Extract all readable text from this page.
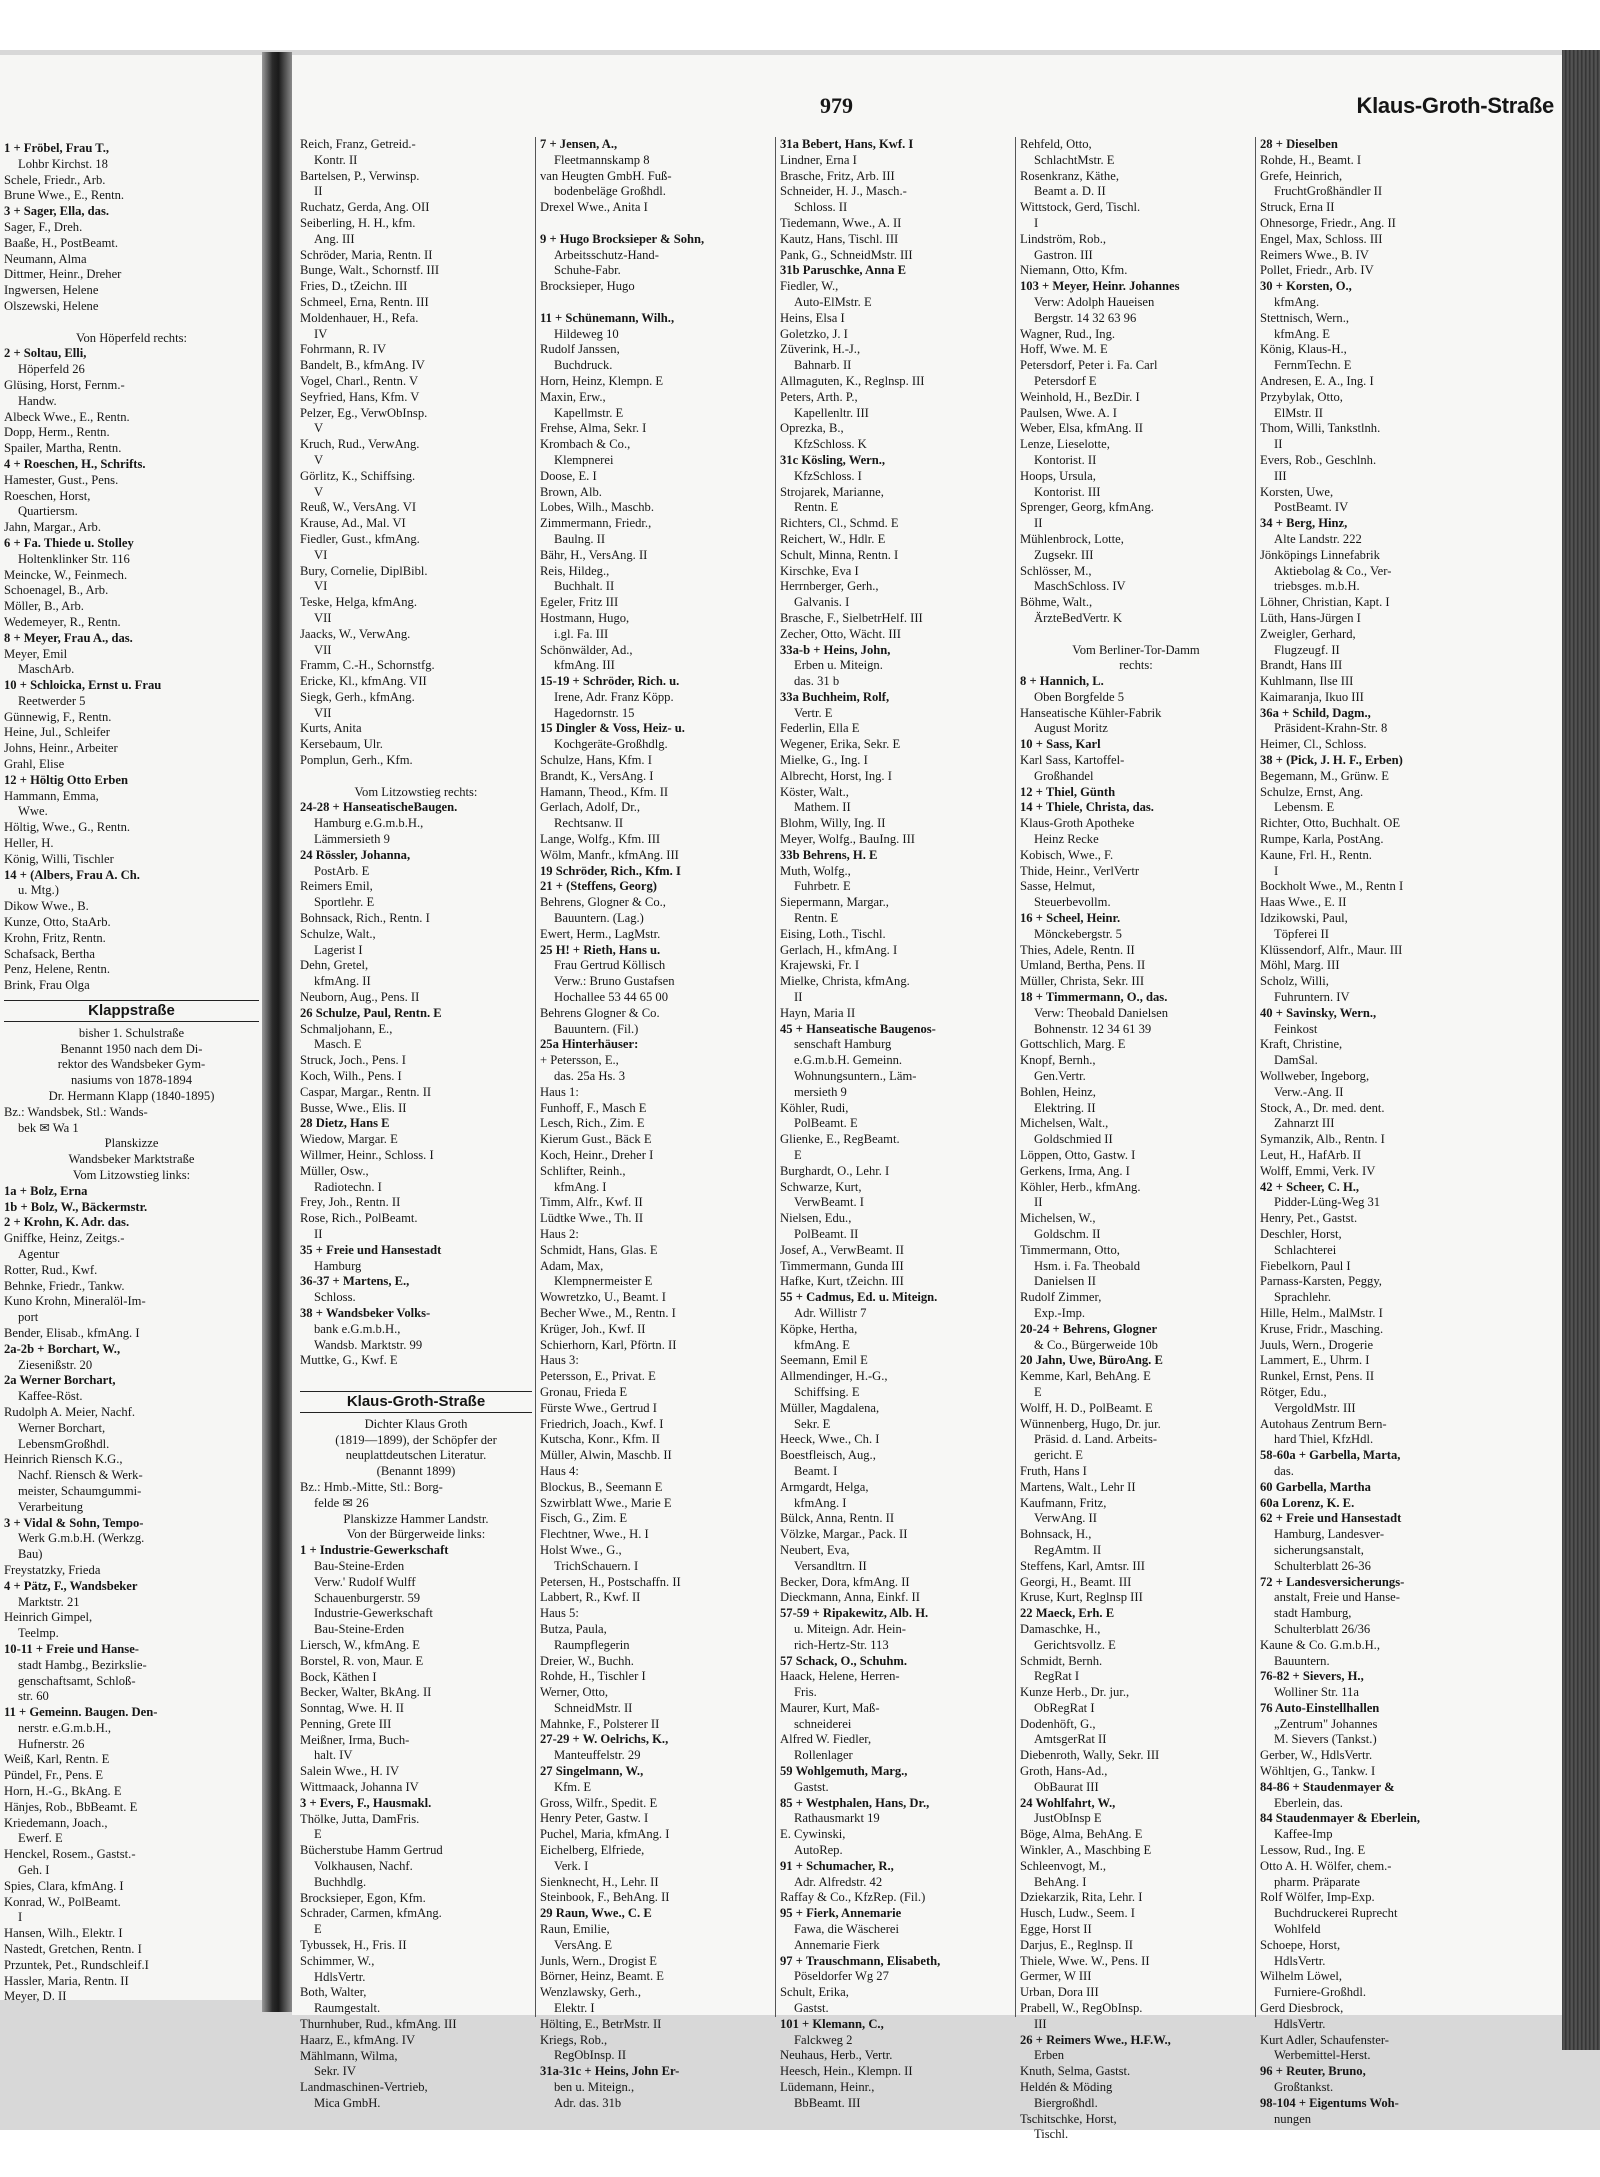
1 + Fröbel, Frau T.,
Lohbr Kirchst. 18
Schele, Friedr., Arb.
Brune Wwe., E., Rentn.
3 + Sager, Ella, das.
Sager, F., Dreh.
Baaße, H., PostBeamt.
Neumann, Alma
Dittmer, Heinr., Dreher
Ingwersen, Helene
Olszewski, Helene

Von Höperfeld rechts:
2 + Soltau, Elli,
Höperfeld 26
Glüsing, Horst, Fernm.-
Handw.
Albeck Wwe., E., Rentn.
Dopp, Herm., Rentn.
Spailer, Martha, Rentn.
4 + Roeschen, H., Schrifts.
Hamester, Gust., Pens.
Roeschen, Horst,
Quartiersm.
Jahn, Margar., Arb.
6 + Fa. Thiede u. Stolley
Holtenklinker Str. 116
Meincke, W., Feinmech.
Schoenagel, B., Arb.
Möller, B., Arb.
Wedemeyer, R., Rentn.
8 + Meyer, Frau A., das.
Meyer, Emil
MaschArb.
10 + Schloicka, Ernst u. Frau
Reetwerder 5
Günnewig, F., Rentn.
Heine, Jul., Schleifer
Johns, Heinr., Arbeiter
Grahl, Elise
12 + Höltig Otto Erben
Hammann, Emma,
Wwe.
Höltig, Wwe., G., Rentn.
Heller, H.
König, Willi, Tischler
14 + (Albers, Frau A. Ch.
u. Mtg.)
Dikow Wwe., B.
Kunze, Otto, StaArb.
Krohn, Fritz, Rentn.
Schafsack, Bertha
Penz, Helene, Rentn.
Brink, Frau Olga
Klappstraße
bisher 1. Schulstraße
Benannt 1950 nach dem Di-
rektor des Wandsbeker Gym-
nasiums von 1878-1894
Dr. Hermann Klapp (1840-1895)
Bz.: Wandsbek, Stl.: Wands-
bek ✉ Wa 1
Planskizze
Wandsbeker Marktstraße
Vom Litzowstieg links:
1a + Bolz, Erna
1b + Bolz, W., Bäckermstr.
2 + Krohn, K. Adr. das.
Gniffke, Heinz, Zeitgs.-
Agentur
Rotter, Rud., Kwf.
Behnke, Friedr., Tankw.
Kuno Krohn, Mineralöl-Im-
port
Bender, Elisab., kfmAng. I
2a-2b + Borchart, W.,
Ziesenißstr. 20
2a Werner Borchart,
Kaffee-Röst.
Rudolph A. Meier, Nachf.
Werner Borchart,
LebensmGroßhdl.
Heinrich Riensch K.G.,
Nachf. Riensch & Werk-
meister, Schaumgummi-
Verarbeitung
3 + Vidal & Sohn, Tempo-
Werk G.m.b.H. (Werkzg.
Bau)
Freystatzky, Frieda
4 + Pätz, F., Wandsbeker
Marktstr. 21
Heinrich Gimpel,
Teelmp.
10-11 + Freie und Hanse-
stadt Hambg., Bezirkslie-
genschaftsamt, Schloß-
str. 60
11 + Gemeinn. Baugen. Den-
nerstr. e.G.m.b.H.,
Hufnerstr. 26
Weiß, Karl, Rentn. E
Pündel, Fr., Pens. E
Horn, H.-G., BkAng. E
Hänjes, Rob., BbBeamt. E
Kriedemann, Joach.,
Ewerf. E
Henckel, Rosem., Gastst.-
Geh. I
Spies, Clara, kfmAng. I
Konrad, W., PolBeamt.
I
Hansen, Wilh., Elektr. I
Nastedt, Gretchen, Rentn. I
Przuntek, Pet., Rundschleif.I
Hassler, Maria, Rentn. II
Meyer, D. II
979	Klaus-Groth-Straße
Reich, Franz, Getreid.-
Kontr. II
Bartelsen, P., Verwinsp.
II
Ruchatz, Gerda, Ang. OII
Seiberling, H. H., kfm.
Ang. III
Schröder, Maria, Rentn. II
Bunge, Walt., Schornstf. III
Fries, D., tZeichn. III
Schmeel, Erna, Rentn. III
Moldenhauer, H., Refa.
IV
Fohrmann, R. IV
Bandelt, B., kfmAng. IV
Vogel, Charl., Rentn. V
Seyfried, Hans, Kfm. V
Pelzer, Eg., VerwObInsp.
V
Kruch, Rud., VerwAng.
V
Görlitz, K., Schiffsing.
V
Reuß, W., VersAng. VI
Krause, Ad., Mal. VI
Fiedler, Gust., kfmAng.
VI
Bury, Cornelie, DiplBibl.
VI
Teske, Helga, kfmAng.
VII
Jaacks, W., VerwAng.
VII
Framm, C.-H., Schornstfg.
Ericke, Kl., kfmAng. VII
Siegk, Gerh., kfmAng.
VII
Kurts, Anita
Kersebaum, Ulr.
Pomplun, Gerh., Kfm.

Vom Litzowstieg rechts:
24-28 + HanseatischeBaugen.
Hamburg e.G.m.b.H.,
Lämmersieth 9
24 Rössler, Johanna,
PostArb. E
Reimers Emil,
Sportlehr. E
Bohnsack, Rich., Rentn. I
Schulze, Walt.,
Lagerist I
Dehn, Gretel,
kfmAng. II
Neuborn, Aug., Pens. II
26 Schulze, Paul, Rentn. E
Schmaljohann, E.,
Masch. E
Struck, Joch., Pens. I
Koch, Wilh., Pens. I
Caspar, Margar., Rentn. II
Busse, Wwe., Elis. II
28 Dietz, Hans E
Wiedow, Margar. E
Willmer, Heinr., Schloss. I
Müller, Osw.,
Radiotechn. I
Frey, Joh., Rentn. II
Rose, Rich., PolBeamt.
II
35 + Freie und Hansestadt
Hamburg
36-37 + Martens, E.,
Schloss.
38 + Wandsbeker Volks-
bank e.G.m.b.H.,
Wandsb. Marktstr. 99
Muttke, G., Kwf. E

Klaus-Groth-Straße
Dichter Klaus Groth
(1819—1899), der Schöpfer der
neuplattdeutschen Literatur.
(Benannt 1899)
Bz.: Hmb.-Mitte, Stl.: Borg-
felde ✉ 26
Planskizze Hammer Landstr.
Von der Bürgerweide links:
1 + Industrie-Gewerkschaft
Bau-Steine-Erden
Verw.' Rudolf Wulff
Schauenburgerstr. 59
Industrie-Gewerkschaft
Bau-Steine-Erden
Liersch, W., kfmAng. E
Borstel, R. von, Maur. E
Bock, Käthen I
Becker, Walter, BkAng. II
Sonntag, Wwe. H. II
Penning, Grete III
Meißner, Irma, Buch-
halt. IV
Salein Wwe., H. IV
Wittmaack, Johanna IV
3 + Evers, F., Hausmakl.
Thölke, Jutta, DamFris.
E
Bücherstube Hamm Gertrud
Volkhausen, Nachf.
Buchhdlg.
Brocksieper, Egon, Kfm.
Schrader, Carmen, kfmAng.
E
Tybussek, H., Fris. II
Schimmer, W.,
HdlsVertr.
Both, Walter,
Raumgestalt.
Thurnhuber, Rud., kfmAng. III
Haarz, E., kfmAng. IV
Mählmann, Wilma,
Sekr. IV
Landmaschinen-Vertrieb,
Mica GmbH.
7 + Jensen, A.,
Fleetmannskamp 8
van Heugten GmbH. Fuß-
bodenbeläge Großhdl.
Drexel Wwe., Anita I

9 + Hugo Brocksieper & Sohn,
Arbeitsschutz-Hand-
Schuhe-Fabr.
Brocksieper, Hugo

11 + Schünemann, Wilh.,
Hildeweg 10
Rudolf Janssen,
Buchdruck.
Horn, Heinz, Klempn. E
Maxin, Erw.,
Kapellmstr. E
Frehse, Alma, Sekr. I
Krombach & Co.,
Klempnerei
Doose, E. I
Brown, Alb.
Lobes, Wilh., Maschb.
Zimmermann, Friedr.,
Baulng. II
Bähr, H., VersAng. II
Reis, Hildeg.,
Buchhalt. II
Egeler, Fritz III
Hostmann, Hugo,
i.gl. Fa. III
Schönwälder, Ad.,
kfmAng. III
15-19 + Schröder, Rich. u.
Irene, Adr. Franz Köpp.
Hagedornstr. 15
15 Dingler & Voss, Heiz- u.
Kochgeräte-Großhdlg.
Schulze, Hans, Kfm. I
Brandt, K., VersAng. I
Hamann, Theod., Kfm. II
Gerlach, Adolf, Dr.,
Rechtsanw. II
Lange, Wolfg., Kfm. III
Wölm, Manfr., kfmAng. III
19 Schröder, Rich., Kfm. I
21 + (Steffens, Georg)
Behrens, Glogner & Co.,
Bauuntern. (Lag.)
Ewert, Herm., LagMstr.
25 H! + Rieth, Hans u.
Frau Gertrud Köllisch
Verw.: Bruno Gustafsen
Hochallee 53 44 65 00
Behrens Glogner & Co.
Bauuntern. (Fil.)
25a Hinterhäuser:
+ Petersson, E.,
das. 25a Hs. 3
Haus 1:
Funhoff, F., Masch E
Lesch, Rich., Zim. E
Kierum Gust., Bäck E
Koch, Heinr., Dreher I
Schlifter, Reinh.,
kfmAng. I
Timm, Alfr., Kwf. II
Lüdtke Wwe., Th. II
Haus 2:
Schmidt, Hans, Glas. E
Adam, Max,
Klempnermeister E
Wowretzko, U., Beamt. I
Becher Wwe., M., Rentn. I
Krüger, Joh., Kwf. II
Schierhorn, Karl, Pförtn. II
Haus 3:
Petersson, E., Privat. E
Gronau, Frieda E
Fürste Wwe., Gertrud I
Friedrich, Joach., Kwf. I
Kutscha, Konr., Kfm. II
Müller, Alwin, Maschb. II
Haus 4:
Blockus, B., Seemann E
Szwirblatt Wwe., Marie E
Fisch, G., Zim. E
Flechtner, Wwe., H. I
Holst Wwe., G.,
TrichSchauern. I
Petersen, H., Postschaffn. II
Labbert, R., Kwf. II
Haus 5:
Butza, Paula,
Raumpflegerin
Dreier, W., Buchh.
Rohde, H., Tischler I
Werner, Otto,
SchneidMstr. II
Mahnke, F., Polsterer II
27-29 + W. Oelrichs, K.,
Manteuffelstr. 29
27 Singelmann, W.,
Kfm. E
Gross, Wilfr., Spedit. E
Henry Peter, Gastw. I
Puchel, Maria, kfmAng. I
Eichelberg, Elfriede,
Verk. I
Sienknecht, H., Lehr. II
Steinbook, F., BehAng. II
29 Raun, Wwe., C. E
Raun, Emilie,
VersAng. E
Junls, Wern., Drogist E
Börner, Heinz, Beamt. E
Wenzlawsky, Gerh.,
Elektr. I
Hölting, E., BetrMstr. II
Kriegs, Rob.,
RegObInsp. II
31a-31c + Heins, John Er-
ben u. Miteign.,
Adr. das. 31b
31a Bebert, Hans, Kwf. I
Lindner, Erna I
Brasche, Fritz, Arb. III
Schneider, H. J., Masch.-
Schloss. II
Tiedemann, Wwe., A. II
Kautz, Hans, Tischl. III
Pank, G., SchneidMstr. III
31b Paruschke, Anna E
Fiedler, W.,
Auto-ElMstr. E
Heins, Elsa I
Goletzko, J. I
Züverink, H.-J.,
Bahnarb. II
Allmaguten, K., Reglnsp. III
Peters, Arth. P.,
Kapellenltr. III
Oprezka, B.,
KfzSchloss. K
31c Kösling, Wern.,
KfzSchloss. I
Strojarek, Marianne,
Rentn. E
Richters, Cl., Schmd. E
Reichert, W., Hdlr. E
Schult, Minna, Rentn. I
Kirschke, Eva I
Herrnberger, Gerh.,
Galvanis. I
Brasche, F., SielbetrHelf. III
Zecher, Otto, Wächt. III
33a-b + Heins, John,
Erben u. Miteign.
das. 31 b
33a Buchheim, Rolf,
Vertr. E
Federlin, Ella E
Wegener, Erika, Sekr. E
Mielke, G., Ing. I
Albrecht, Horst, Ing. I
Köster, Walt.,
Mathem. II
Blohm, Willy, Ing. II
Meyer, Wolfg., BauIng. III
33b Behrens, H. E
Muth, Wolfg.,
Fuhrbetr. E
Siepermann, Margar.,
Rentn. E
Eising, Loth., Tischl.
Gerlach, H., kfmAng. I
Krajewski, Fr. I
Mielke, Christa, kfmAng.
II
Hayn, Maria II
45 + Hanseatische Baugenos-
senschaft Hamburg
e.G.m.b.H. Gemeinn.
Wohnungsuntern., Läm-
mersieth 9
Köhler, Rudi,
PolBeamt. E
Glienke, E., RegBeamt.
E
Burghardt, O., Lehr. I
Schwarze, Kurt,
VerwBeamt. I
Nielsen, Edu.,
PolBeamt. II
Josef, A., VerwBeamt. II
Timmermann, Gunda III
Hafke, Kurt, tZeichn. III
55 + Cadmus, Ed. u. Miteign.
Adr. Willistr 7
Köpke, Hertha,
kfmAng. E
Seemann, Emil E
Allmendinger, H.-G.,
Schiffsing. E
Müller, Magdalena,
Sekr. E
Heeck, Wwe., Ch. I
Boestfleisch, Aug.,
Beamt. I
Armgardt, Helga,
kfmAng. I
Bülck, Anna, Rentn. II
Völzke, Margar., Pack. II
Neubert, Eva,
Versandltrn. II
Becker, Dora, kfmAng. II
Dieckmann, Anna, Einkf. II
57-59 + Ripakewitz, Alb. H.
u. Miteign. Adr. Hein-
rich-Hertz-Str. 113
57 Schack, O., Schuhm.
Haack, Helene, Herren-
Fris.
Maurer, Kurt, Maß-
schneiderei
Alfred W. Fiedler,
Rollenlager
59 Wohlgemuth, Marg.,
Gastst.
85 + Westphalen, Hans, Dr.,
Rathausmarkt 19
E. Cywinski,
AutoRep.
91 + Schumacher, R.,
Adr. Alfredstr. 42
Raffay & Co., KfzRep. (Fil.)
95 + Fierk, Annemarie
Fawa, die Wäscherei
Annemarie Fierk
97 + Trauschmann, Elisabeth,
Pöseldorfer Wg 27
Schult, Erika,
Gastst.
101 + Klemann, C.,
Falckweg 2
Neuhaus, Herb., Vertr.
Heesch, Hein., Klempn. II
Lüdemann, Heinr.,
BbBeamt. III
Rehfeld, Otto,
SchlachtMstr. E
Rosenkranz, Käthe,
Beamt a. D. II
Wittstock, Gerd, Tischl.
I
Lindström, Rob.,
Gastron. III
Niemann, Otto, Kfm.
103 + Meyer, Heinr. Johannes
Verw: Adolph Haueisen
Bergstr. 14 32 63 96
Wagner, Rud., Ing.
Hoff, Wwe. M. E
Petersdorf, Peter i. Fa. Carl
Petersdorf E
Weinhold, H., BezDir. I
Paulsen, Wwe. A. I
Weber, Elsa, kfmAng. II
Lenze, Lieselotte,
Kontorist. II
Hoops, Ursula,
Kontorist. III
Sprenger, Georg, kfmAng.
II
Mühlenbrock, Lotte,
Zugsekr. III
Schlösser, M.,
MaschSchloss. IV
Böhme, Walt.,
ÄrzteBedVertr. K

Vom Berliner-Tor-Damm
rechts:
8 + Hannich, L.
Oben Borgfelde 5
Hanseatische Kühler-Fabrik
August Moritz
10 + Sass, Karl
Karl Sass, Kartoffel-
Großhandel
12 + Thiel, Günth
14 + Thiele, Christa, das.
Klaus-Groth Apotheke
Heinz Recke
Kobisch, Wwe., F.
Thide, Heinr., VerlVertr
Sasse, Helmut,
Steuerbevollm.
16 + Scheel, Heinr.
Mönckebergstr. 5
Thies, Adele, Rentn. II
Umland, Bertha, Pens. II
Müller, Christa, Sekr. III
18 + Timmermann, O., das.
Verw: Theobald Danielsen
Bohnenstr. 12 34 61 39
Gottschlich, Marg. E
Knopf, Bernh.,
Gen.Vertr.
Bohlen, Heinz,
Elektring. II
Michelsen, Walt.,
Goldschmied II
Löppen, Otto, Gastw. I
Gerkens, Irma, Ang. I
Köhler, Herb., kfmAng.
II
Michelsen, W.,
Goldschm. II
Timmermann, Otto,
Hsm. i. Fa. Theobald
Danielsen II
Rudolf Zimmer,
Exp.-Imp.
20-24 + Behrens, Glogner
& Co., Bürgerweide 10b
20 Jahn, Uwe, BüroAng. E
Kemme, Karl, BehAng. E
E
Wolff, H. D., PolBeamt. E
Wünnenberg, Hugo, Dr. jur.
Präsid. d. Land. Arbeits-
gericht. E
Fruth, Hans I
Martens, Walt., Lehr II
Kaufmann, Fritz,
VerwAng. II
Bohnsack, H.,
RegAmtm. II
Steffens, Karl, Amtsr. III
Georgi, H., Beamt. III
Kruse, Kurt, Reglnsp III
22 Maeck, Erh. E
Damaschke, H.,
Gerichtsvollz. E
Schmidt, Bernh.
RegRat I
Kunze Herb., Dr. jur.,
ObRegRat I
Dodenhöft, G.,
AmtsgerRat II
Diebenroth, Wally, Sekr. III
Groth, Hans-Ad.,
ObBaurat III
24 Wohlfahrt, W.,
JustObInsp E
Böge, Alma, BehAng. E
Winkler, A., Maschbing E
Schleenvogt, M.,
BehAng. I
Dziekarzik, Rita, Lehr. I
Husch, Ludw., Seem. I
Egge, Horst II
Darjus, E., Reglnsp. II
Thiele, Wwe. W., Pens. II
Germer, W III
Urban, Dora III
Prabell, W., RegObInsp.
III
26 + Reimers Wwe., H.F.W.,
Erben
Knuth, Selma, Gastst.
Heldén & Möding
Biergroßhdl.
Tschitschke, Horst,
Tischl.
28 + Dieselben
Rohde, H., Beamt. I
Grefe, Heinrich,
FruchtGroßhändler II
Struck, Erna II
Ohnesorge, Friedr., Ang. II
Engel, Max, Schloss. III
Reimers Wwe., B. IV
Pollet, Friedr., Arb. IV
30 + Korsten, O.,
kfmAng.
Stettnisch, Wern.,
kfmAng. E
König, Klaus-H.,
FernmTechn. E
Andresen, E. A., Ing. I
Przybylak, Otto,
ElMstr. II
Thom, Willi, Tankstlnh.
II
Evers, Rob., Geschlnh.
III
Korsten, Uwe,
PostBeamt. IV
34 + Berg, Hinz,
Alte Landstr. 222
Jönköpings Linnefabrik
Aktiebolag & Co., Ver-
triebsges. m.b.H.
Löhner, Christian, Kapt. I
Lüth, Hans-Jürgen I
Zweigler, Gerhard,
Flugzeugf. II
Brandt, Hans III
Kuhlmann, Ilse III
Kaimaranja, Ikuo III
36a + Schild, Dagm.,
Präsident-Krahn-Str. 8
Heimer, Cl., Schloss.
38 + (Pick, J. H. F., Erben)
Begemann, M., Grünw. E
Schulze, Ernst, Ang.
Lebensm. E
Richter, Otto, Buchhalt. OE
Rumpe, Karla, PostAng.
Kaune, Frl. H., Rentn.
I
Bockholt Wwe., M., Rentn I
Haas Wwe., E. II
Idzikowski, Paul,
Töpferei II
Klüssendorf, Alfr., Maur. III
Möhl, Marg. III
Scholz, Willi,
Fuhruntern. IV
40 + Savinsky, Wern.,
Feinkost
Kraft, Christine,
DamSal.
Wollweber, Ingeborg,
Verw.-Ang. II
Stock, A., Dr. med. dent.
Zahnarzt III
Symanzik, Alb., Rentn. I
Leut, H., HafArb. II
Wolff, Emmi, Verk. IV
42 + Scheer, C. H.,
Pidder-Lüng-Weg 31
Henry, Pet., Gastst.
Deschler, Horst,
Schlachterei
Fiebelkorn, Paul I
Parnass-Karsten, Peggy,
Sprachlehr.
Hille, Helm., MalMstr. I
Kruse, Fridr., Masching.
Juuls, Wern., Drogerie
Lammert, E., Uhrm. I
Runkel, Ernst, Pens. II
Rötger, Edu.,
VergoldMstr. III
Autohaus Zentrum Bern-
hard Thiel, KfzHdl.
58-60a + Garbella, Marta,
das.
60 Garbella, Martha
60a Lorenz, K. E.
62 + Freie und Hansestadt
Hamburg, Landesver-
sicherungsanstalt,
Schulterblatt 26-36
72 + Landesversicherungs-
anstalt, Freie und Hanse-
stadt Hamburg,
Schulterblatt 26/36
Kaune & Co. G.m.b.H.,
Bauuntern.
76-82 + Sievers, H.,
Wolliner Str. 11a
76 Auto-Einstellhallen
„Zentrum" Johannes
M. Sievers (Tankst.)
Gerber, W., HdlsVertr.
Wöhltjen, G., Tankw. I
84-86 + Staudenmayer &
Eberlein, das.
84 Staudenmayer & Eberlein,
Kaffee-Imp
Lessow, Rud., Ing. E
Otto A. H. Wölfer, chem.-
pharm. Präparate
Rolf Wölfer, Imp-Exp.
Buchdruckerei Ruprecht
Wohlfeld
Schoepe, Horst,
HdlsVertr.
Wilhelm Löwel,
Furniere-Großhdl.
Gerd Diesbrock,
HdlsVertr.
Kurt Adler, Schaufenster-
Werbemittel-Herst.
96 + Reuter, Bruno,
Großtankst.
98-104 + Eigentums Woh-
nungen
